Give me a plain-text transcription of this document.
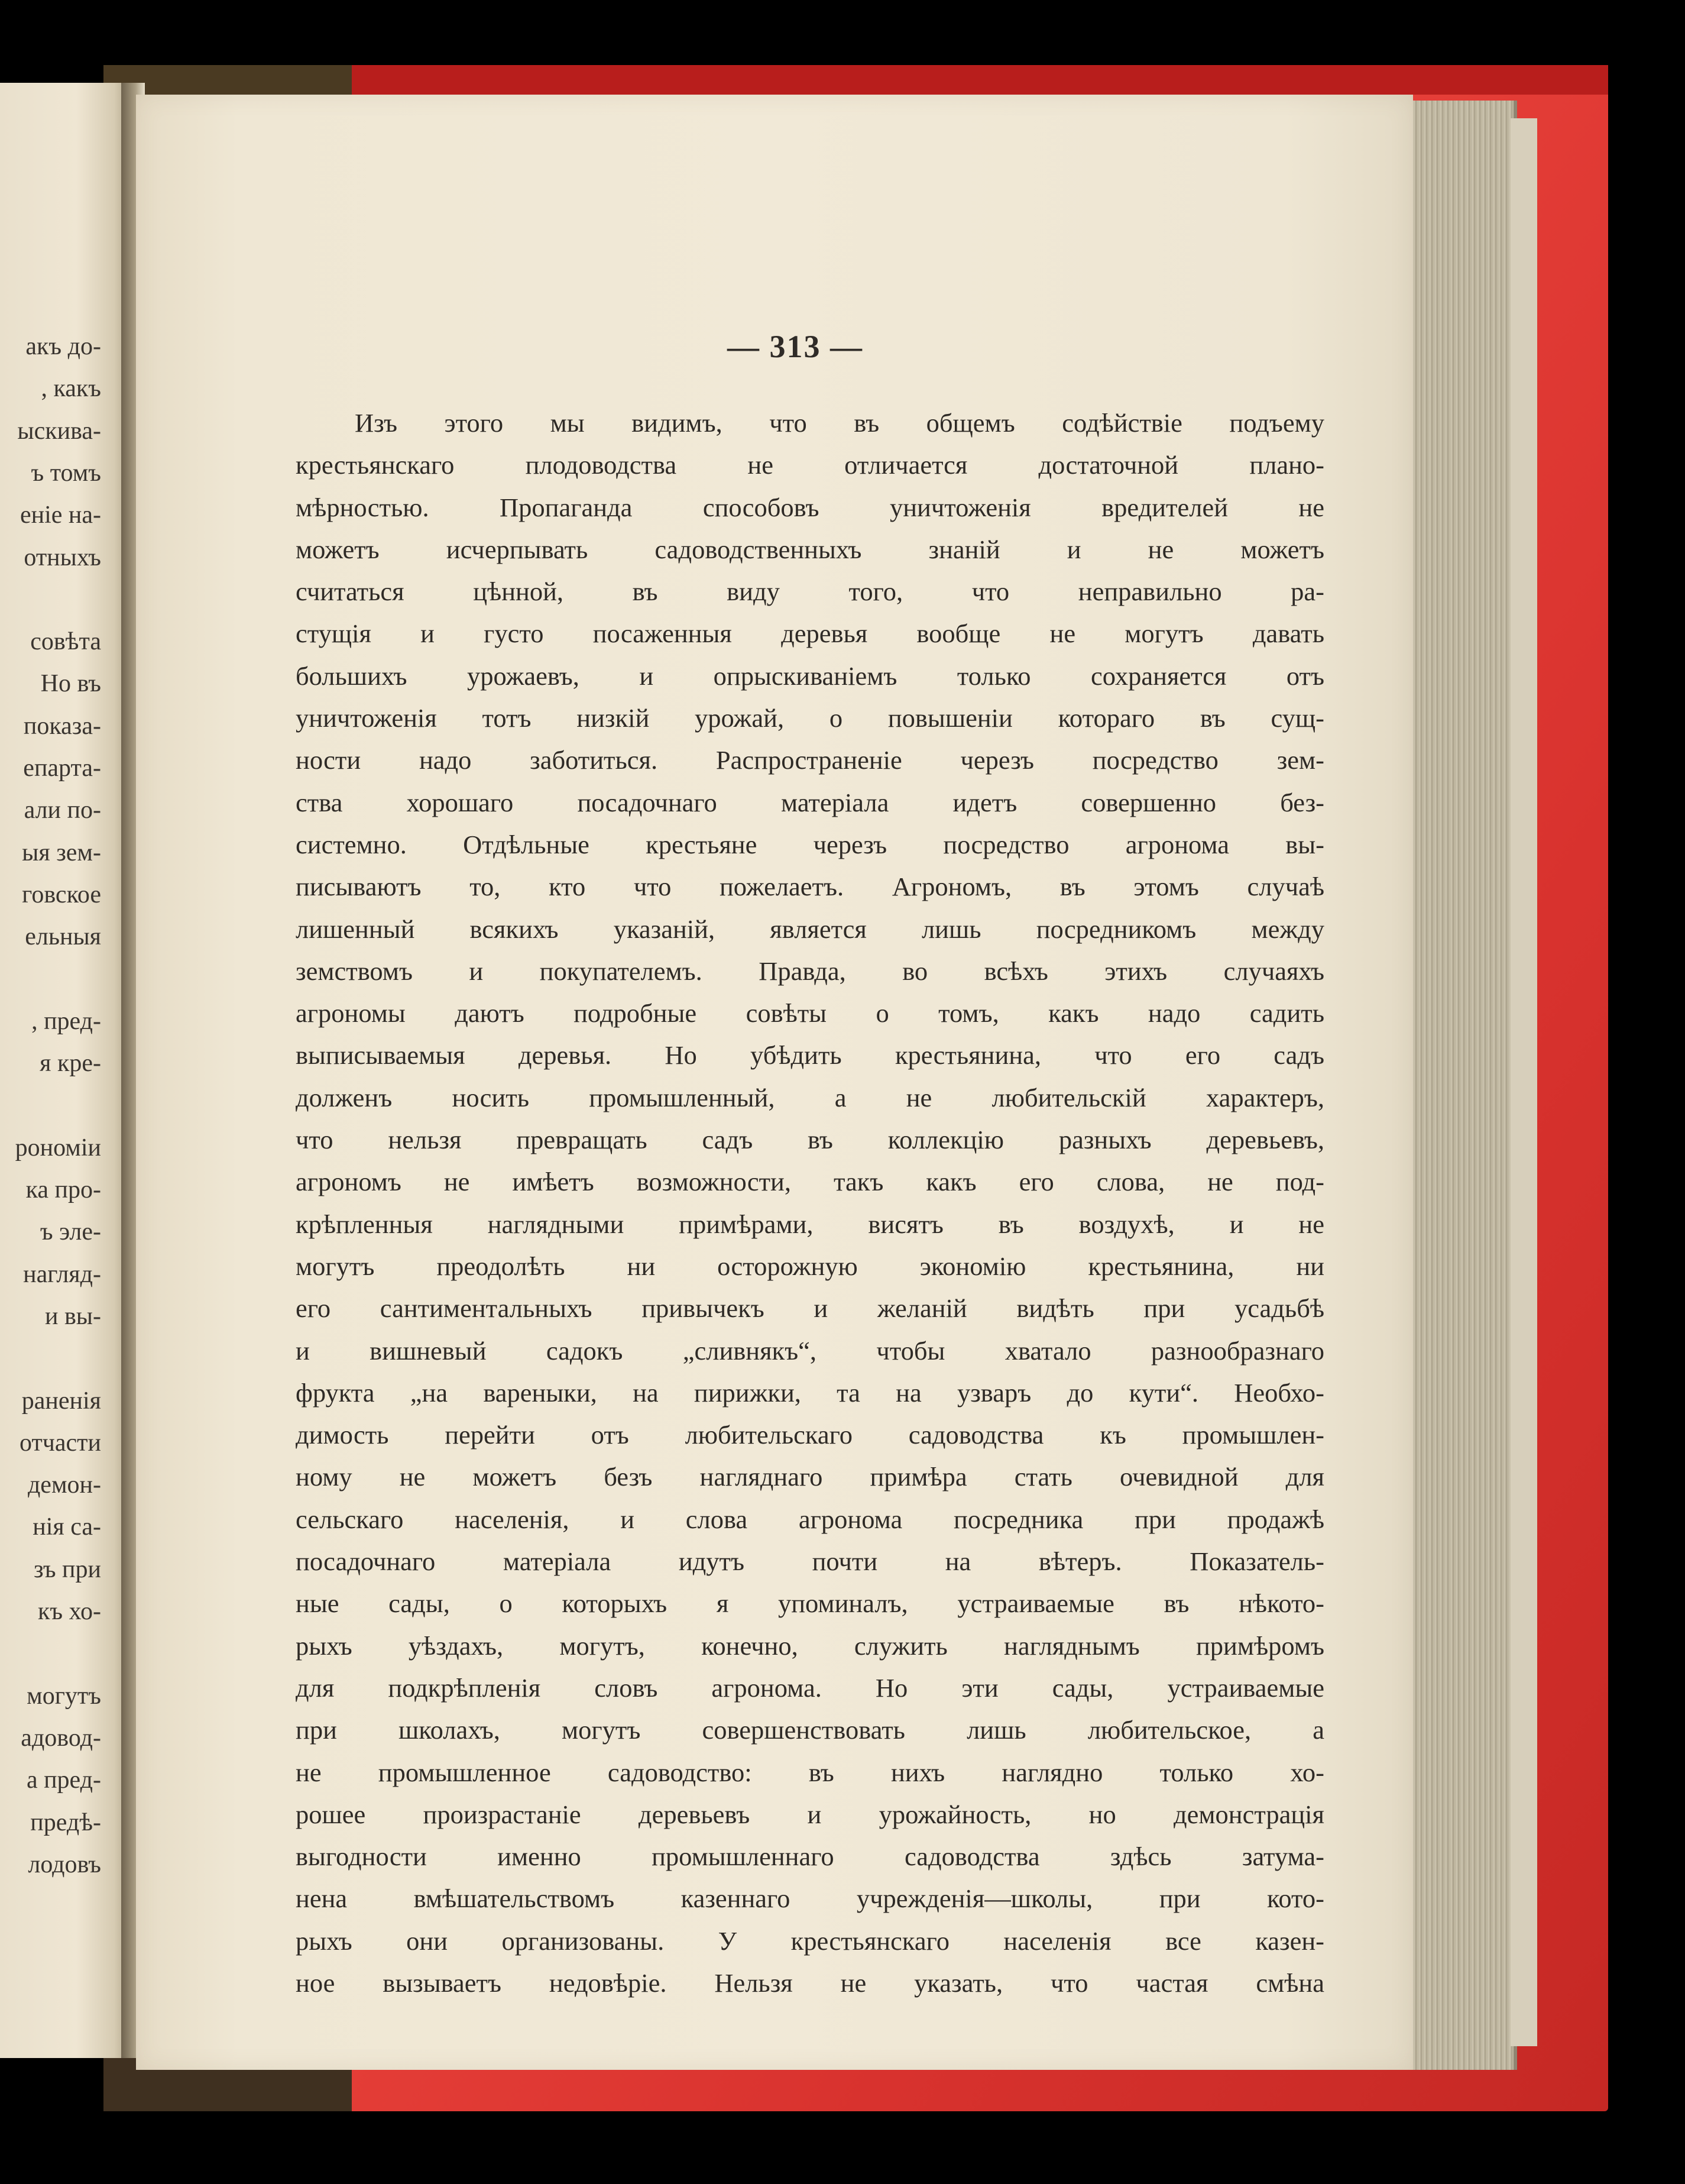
акъ до-
, какъ
ыскива-
ъ томъ
еніе на-
отныхъ
совѣта
Но въ
показа-
епарта-
али по-
ыя зем-
говское
ельныя
, пред-
я кре-
рономіи
ка про-
ъ эле-
нагляд-
и вы-
раненія
отчасти
демон-
нія са-
зъ при
къ хо-
могутъ
адовод-
а пред-
предѣ-
лодовъ
— 313 —
Изъ этого мы видимъ, что въ общемъ содѣйствіе подъему
крестьянскаго плодоводства не отличается достаточной плано-
мѣрностью. Пропаганда способовъ уничтоженія вредителей не
можетъ исчерпывать садоводственныхъ знаній и не можетъ
считаться цѣнной, въ виду того, что неправильно ра-
стущія и густо посаженныя деревья вообще не могутъ давать
большихъ урожаевъ, и опрыскиваніемъ только сохраняется отъ
уничтоженія тотъ низкій урожай, о повышеніи котораго въ сущ-
ности надо заботиться. Распространеніе черезъ посредство зем-
ства хорошаго посадочнаго матеріала идетъ совершенно без-
системно. Отдѣльные крестьяне черезъ посредство агронома вы-
писываютъ то, кто что пожелаетъ. Агрономъ, въ этомъ случаѣ
лишенный всякихъ указаній, является лишь посредникомъ между
земствомъ и покупателемъ. Правда, во всѣхъ этихъ случаяхъ
агрономы даютъ подробные совѣты о томъ, какъ надо садить
выписываемыя деревья. Но убѣдить крестьянина, что его садъ
долженъ носить промышленный, а не любительскій характеръ,
что нельзя превращать садъ въ коллекцію разныхъ деревьевъ,
агрономъ не имѣетъ возможности, такъ какъ его слова, не под-
крѣпленныя наглядными примѣрами, висятъ въ воздухѣ, и не
могутъ преодолѣть ни осторожную экономію крестьянина, ни
его сантиментальныхъ привычекъ и желаній видѣть при усадьбѣ
и вишневый садокъ „сливнякъ“, чтобы хватало разнообразнаго
фрукта „на вареныки, на пирижки, та на узваръ до кути“. Необхо-
димость перейти отъ любительскаго садоводства къ промышлен-
ному не можетъ безъ нагляднаго примѣра стать очевидной для
сельскаго населенія, и слова агронома посредника при продажѣ
посадочнаго матеріала идутъ почти на вѣтеръ. Показатель-
ные сады, о которыхъ я упоминалъ, устраиваемые въ нѣкото-
рыхъ уѣздахъ, могутъ, конечно, служить нагляднымъ примѣромъ
для подкрѣпленія словъ агронома. Но эти сады, устраиваемые
при школахъ, могутъ совершенствовать лишь любительское, а
не промышленное садоводство: въ нихъ наглядно только хо-
рошее произрастаніе деревьевъ и урожайность, но демонстрація
выгодности именно промышленнаго садоводства здѣсь затума-
нена вмѣшательствомъ казеннаго учрежденія—школы, при кото-
рыхъ они организованы. У крестьянскаго населенія все казен-
ное вызываетъ недовѣріе. Нельзя не указать, что частая смѣна
